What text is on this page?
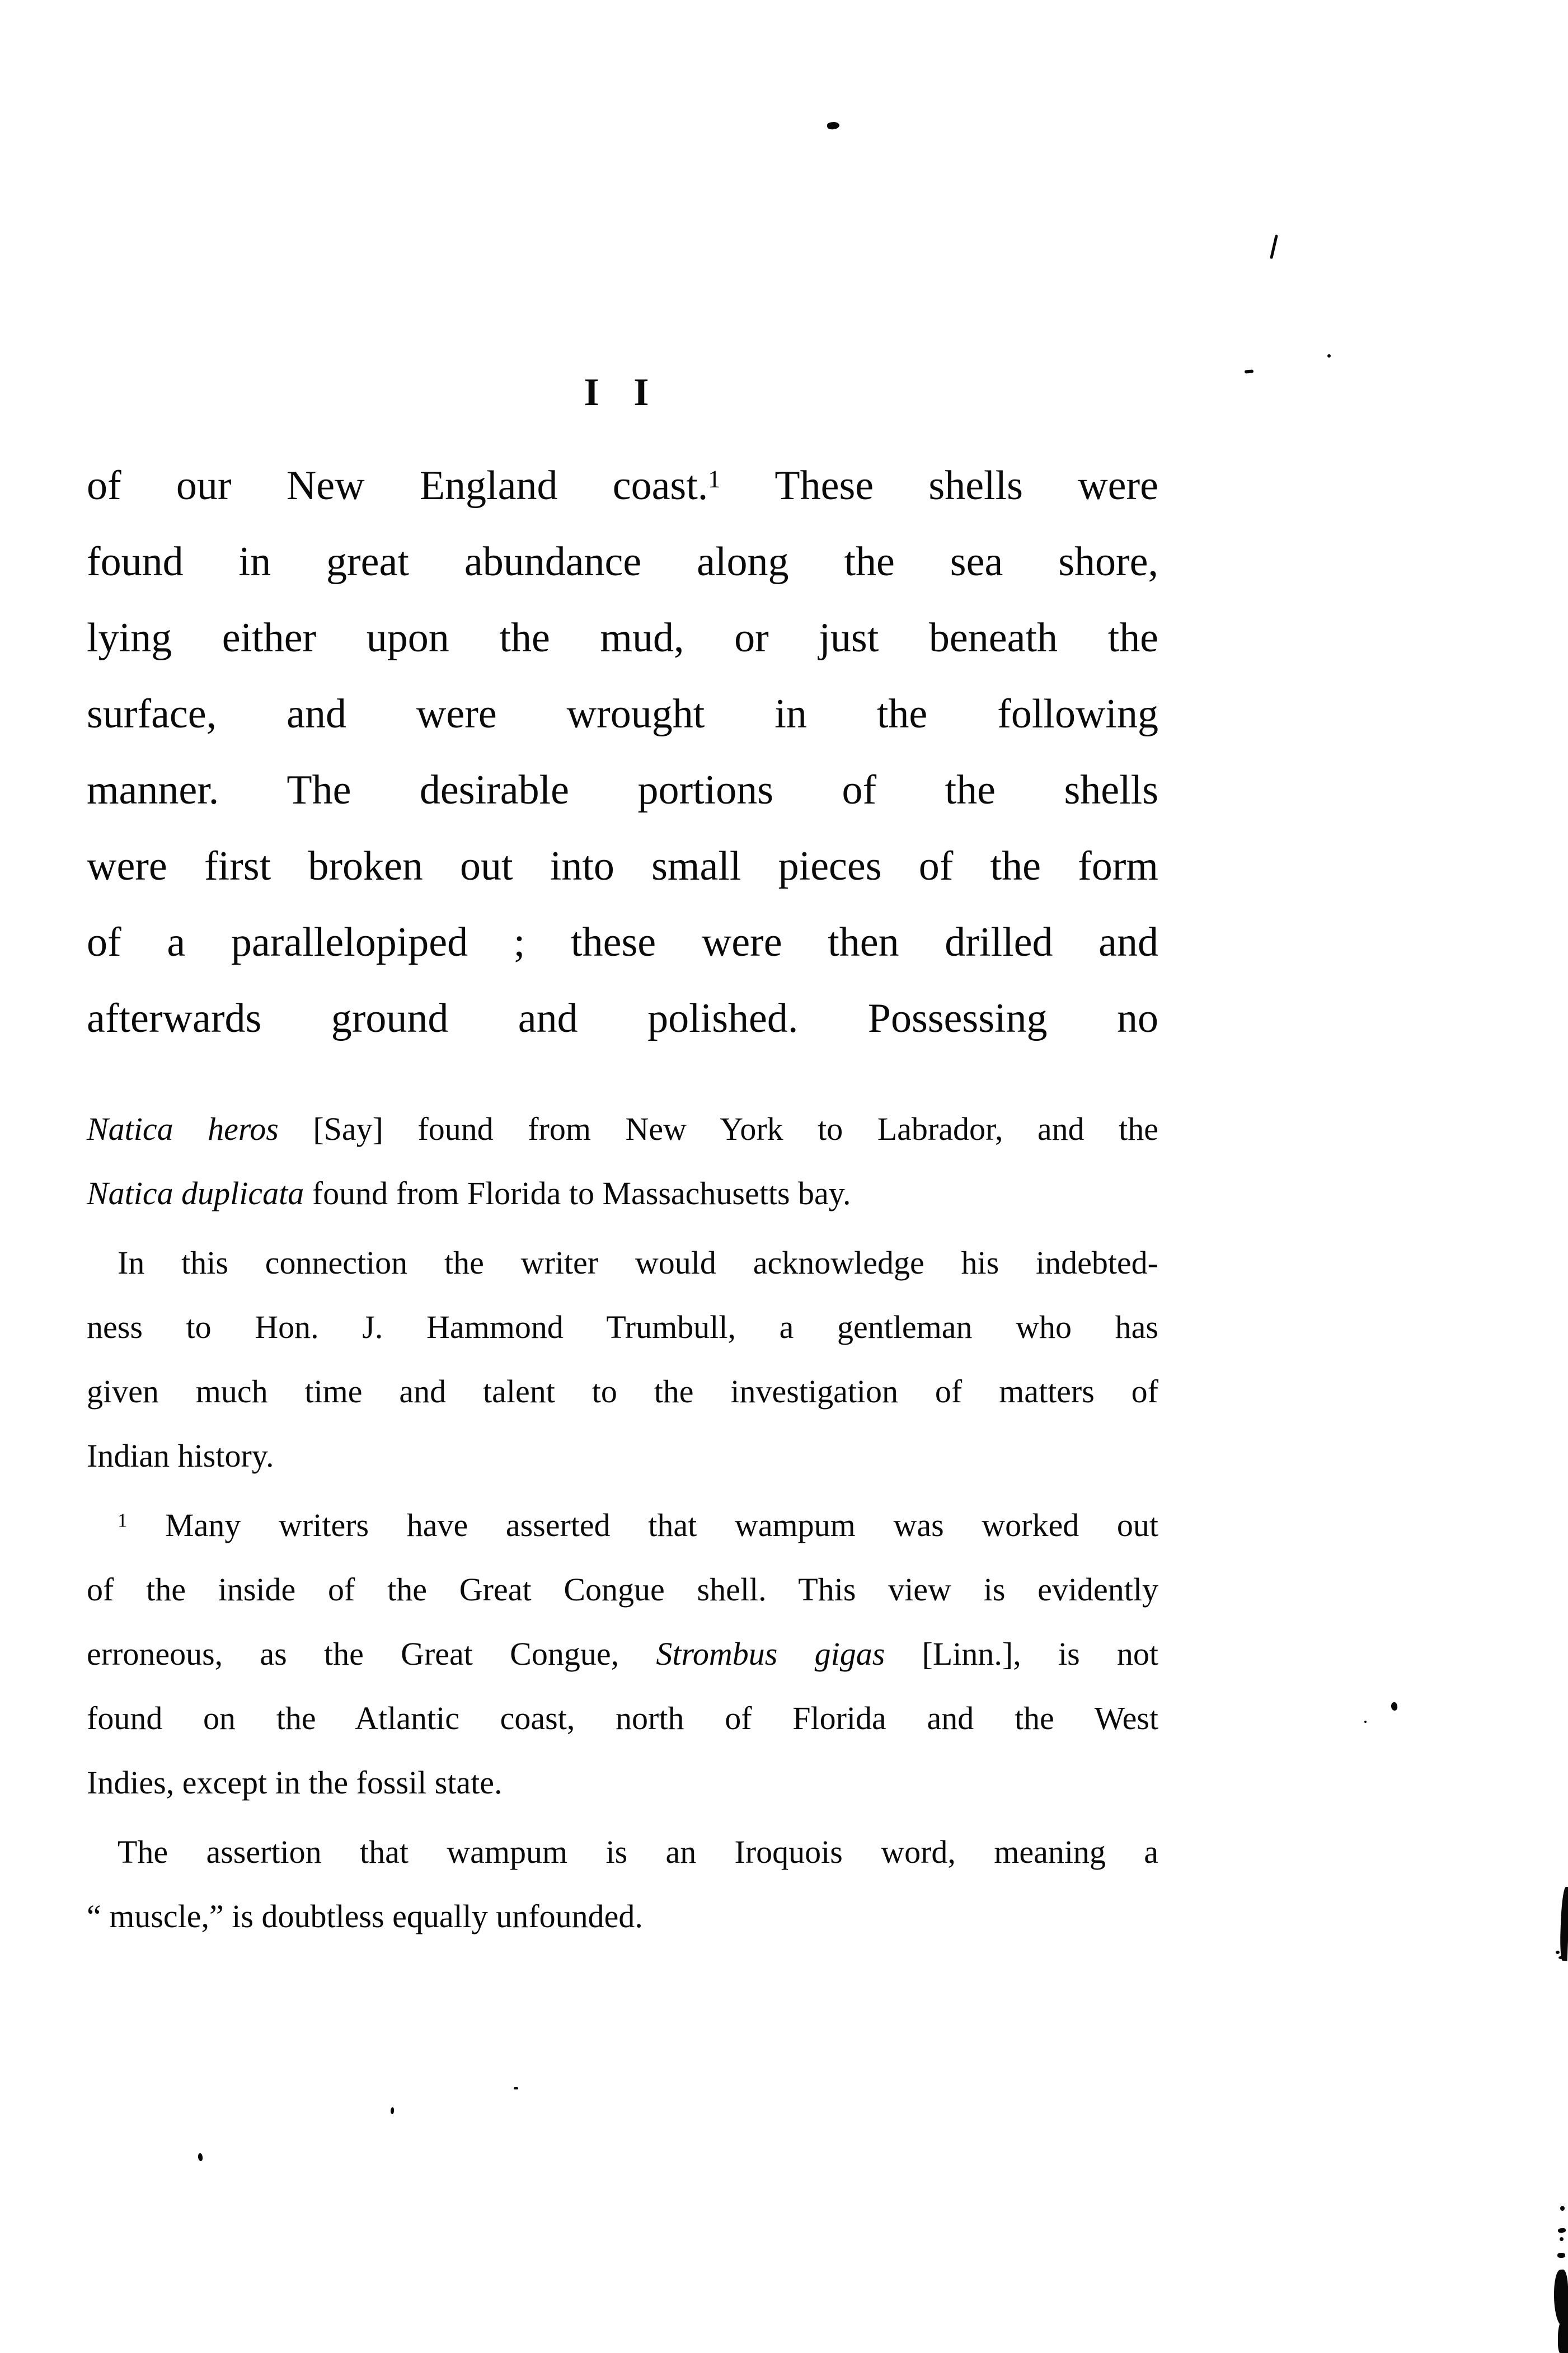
I I
of our New England coast.$^1$ These shells were
found in great abundance along the sea shore,
lying either upon the mud, or just beneath the
surface, and were wrought in the following
manner. The desirable portions of the shells
were first broken out into small pieces of the form
of a parallelopiped ; these were then drilled and
afterwards ground and polished. Possessing no
Natica heros [Say] found from New York to Labrador, and the
Natica duplicata found from Florida to Massachusetts bay.
In this connection the writer would acknowledge his indebted-
ness to Hon. J. Hammond Trumbull, a gentleman who has
given much time and talent to the investigation of matters of
Indian history.
$^1$ Many writers have asserted that wampum was worked out
of the inside of the Great Congue shell. This view is evidently
erroneous, as the Great Congue, Strombus gigas [Linn.], is not
found on the Atlantic coast, north of Florida and the West
Indies, except in the fossil state.
The assertion that wampum is an Iroquois word, meaning a
“ muscle,” is doubtless equally unfounded.
